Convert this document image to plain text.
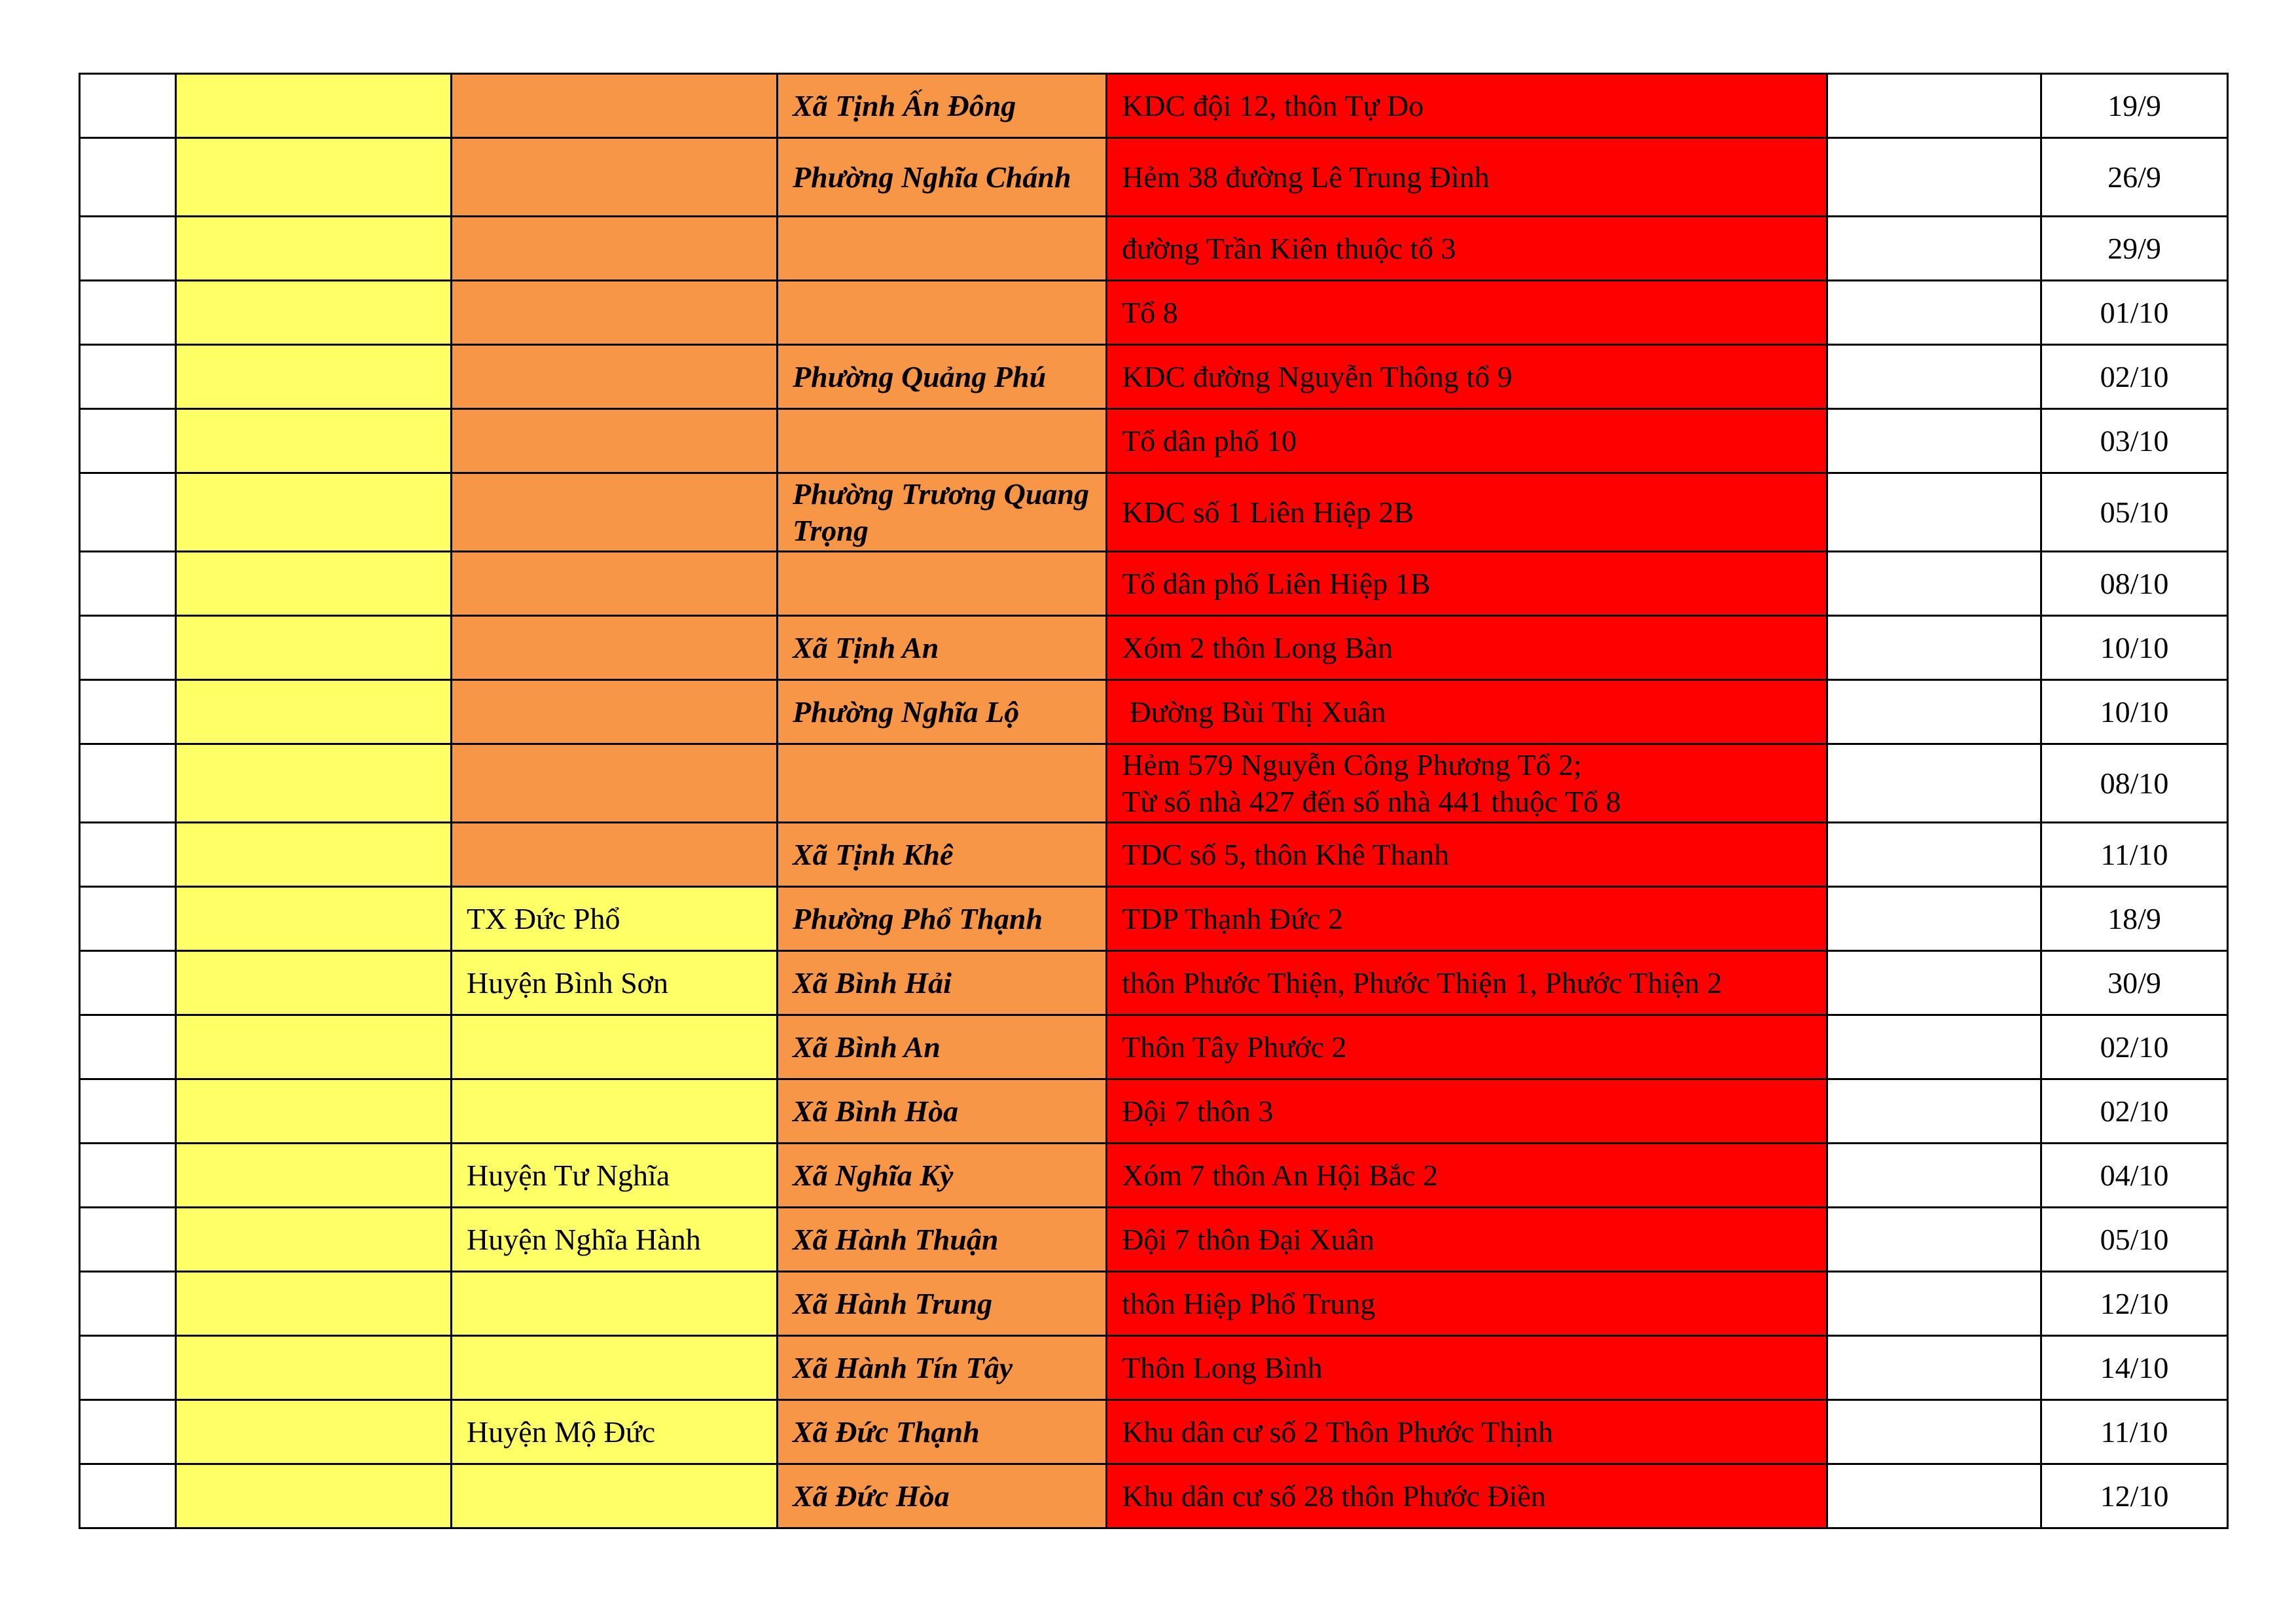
			Xã Tịnh Ấn Đông	KDC đội 12, thôn Tự Do		19/9
			Phường Nghĩa Chánh	Hẻm 38 đường Lê Trung Đình		26/9

				đường Trần Kiên thuộc tổ 3		29/9

				Tổ 8		01/10
			Phường Quảng Phú	KDC đường Nguyễn Thông tổ 9		02/10

				Tổ dân phố 10		03/10
			Phường Trương Quang Trọng	KDC số 1 Liên Hiệp 2B		05/10

				Tổ dân phố Liên Hiệp 1B		08/10
			Xã Tịnh An	Xóm 2 thôn Long Bàn		10/10
			Phường Nghĩa Lộ	Đường Bùi Thị Xuân		10/10

				Hẻm 579 Nguyễn Công Phương Tổ 2;
Từ số nhà 427 đến số nhà 441 thuộc Tổ 8		08/10
			Xã Tịnh Khê	TDC số 5, thôn Khê Thanh		11/10
		TX Đức Phổ	Phường Phổ Thạnh	TDP Thạnh Đức 2		18/9
		Huyện Bình Sơn	Xã Bình Hải	thôn Phước Thiện, Phước Thiện 1, Phước Thiện 2		30/9
			Xã Bình An	Thôn Tây Phước 2		02/10
			Xã Bình Hòa	Đội 7 thôn 3		02/10
		Huyện Tư Nghĩa	Xã Nghĩa Kỳ	Xóm 7 thôn An Hội Bắc 2		04/10
		Huyện Nghĩa Hành	Xã Hành Thuận	Đội 7 thôn Đại Xuân		05/10
			Xã Hành Trung	thôn Hiệp Phổ Trung		12/10
			Xã Hành Tín Tây	Thôn Long Bình		14/10
		Huyện Mộ Đức	Xã Đức Thạnh	Khu dân cư số 2 Thôn Phước Thịnh		11/10
			Xã Đức Hòa	Khu dân cư số 28 thôn Phước Điền		12/10
